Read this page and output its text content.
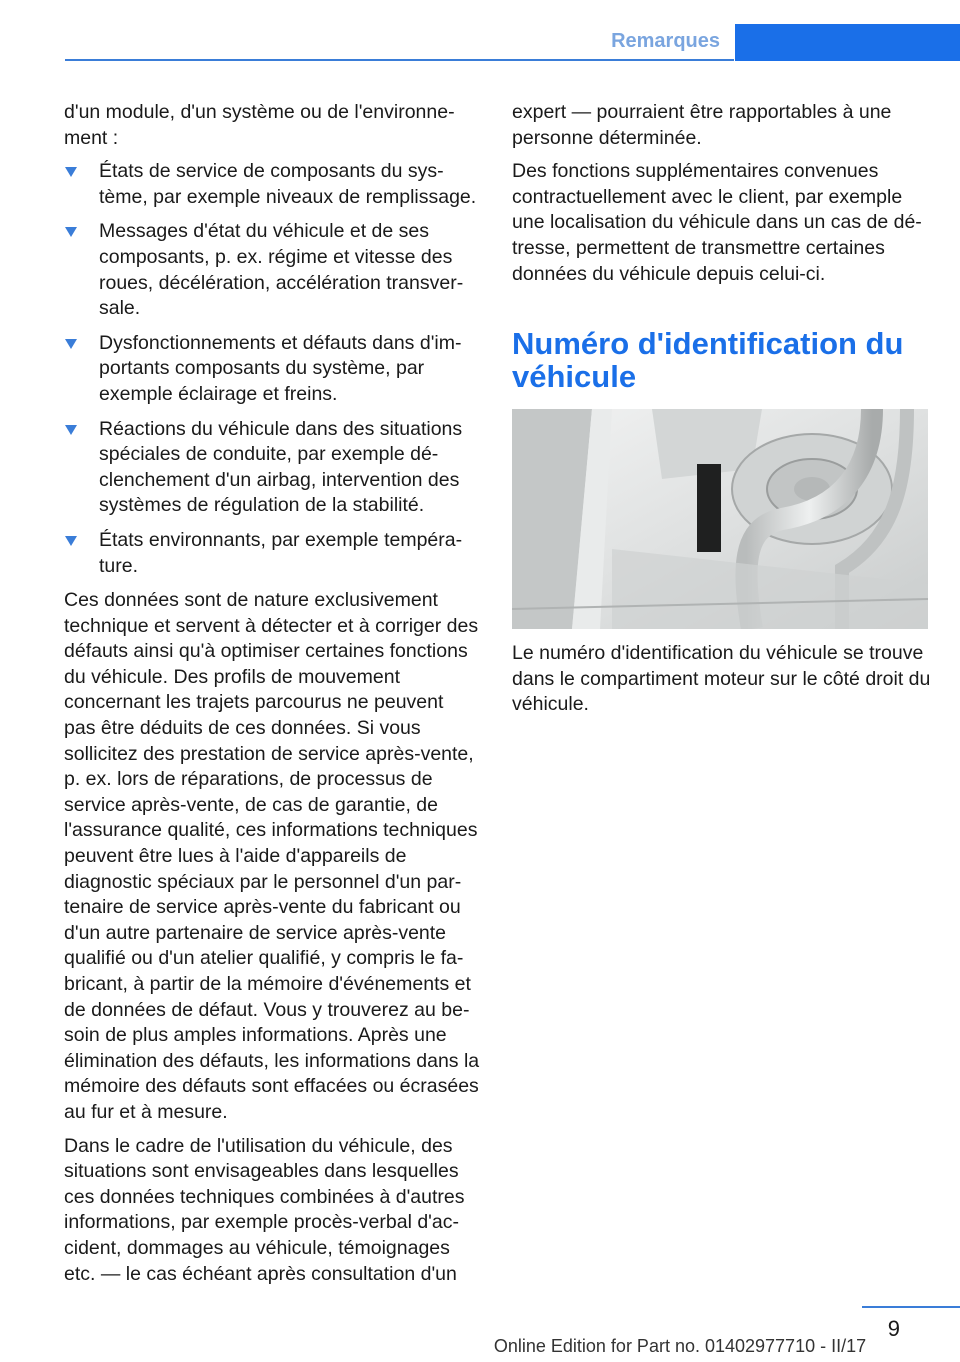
Remarques

d'un module, d'un système ou de l'environnement :

États de service de composants du système, par exemple niveaux de remplissage.
Messages d'état du véhicule et de ses composants, p. ex. régime et vitesse des roues, décélération, accélération transversale.
Dysfonctionnements et défauts dans d'importants composants du système, par exemple éclairage et freins.
Réactions du véhicule dans des situations spéciales de conduite, par exemple déclenchement d'un airbag, intervention des systèmes de régulation de la stabilité.
États environnants, par exemple température.

Ces données sont de nature exclusivement technique et servent à détecter et à corriger des défauts ainsi qu'à optimiser certaines fonctions du véhicule. Des profils de mouvement concernant les trajets parcourus ne peuvent pas être déduits de ces données. Si vous sollicitez des prestation de service après-vente, p. ex. lors de réparations, de processus de service après-vente, de cas de garantie, de l'assurance qualité, ces informations techniques peuvent être lues à l'aide d'appareils de diagnostic spéciaux par le personnel d'un partenaire de service après-vente du fabricant ou d'un autre partenaire de service après-vente qualifié ou d'un atelier qualifié, y compris le fabricant, à partir de la mémoire d'événements et de données de défaut. Vous y trouverez au besoin de plus amples informations. Après une élimination des défauts, les informations dans la mémoire des défauts sont effacées ou écrasées au fur et à mesure.

Dans le cadre de l'utilisation du véhicule, des situations sont envisageables dans lesquelles ces données techniques combinées à d'autres informations, par exemple procès-verbal d'accident, dommages au véhicule, témoignages etc. — le cas échéant après consultation d'un

expert — pourraient être rapportables à une personne déterminée.

Des fonctions supplémentaires convenues contractuellement avec le client, par exemple une localisation du véhicule dans un cas de détresse, permettent de transmettre certaines données du véhicule depuis celui-ci.

Numéro d'identification du véhicule

Le numéro d'identification du véhicule se trouve dans le compartiment moteur sur le côté droit du véhicule.

9
Online Edition for Part no. 01402977710 - II/17
